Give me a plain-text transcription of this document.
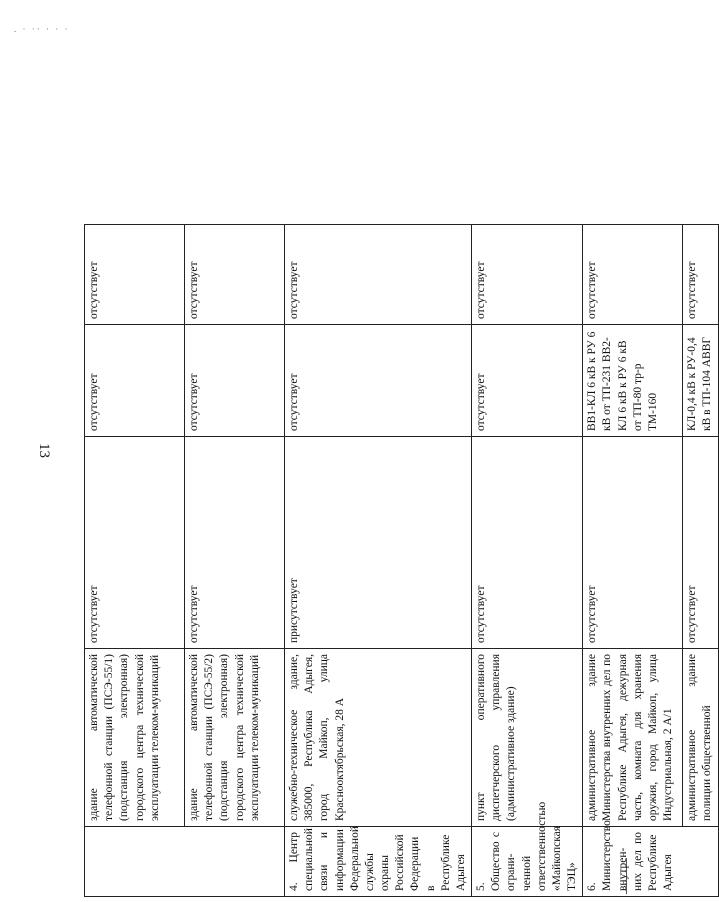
. · ·· · · ·
13
	здание автоматической телефонной станции (ПСЭ-55/1) (подстанция электронная) городского центра технической эксплуатации телеком-муникаций	отсутствует	отсутствует	отсутствует
	здание автоматической телефонной станции (ПСЭ-55/2) (подстанция электронная) городского центра технической эксплуатации телеком-муникаций	отсутствует	отсутствует	отсутствует
4. Центр специальной связи и информации Федеральной службы охраны Российской Федерации в Республике Адыгея	служебно-техническое здание, 385000, Республика Адыгея, город Майкоп, улица Краснооктябрьская, 28 А	присутствует	отсутствует	отсутствует
5. Общество с ограни-ченной ответственностью «Майкопская ТЭЦ»	пункт оперативного диспетчерского управления (административное здание)	отсутствует	отсутствует	отсутствует
6. Министерство внутрен-них дел по Республике Адыгея	административное здание Министерства внутренних дел по Республике Адыгея, дежурная часть, комната для хранения оружия, город Майкоп, улица Индустриальная, 2 А/1	отсутствует	ВВ1-КЛ 6 кВ к РУ 6 кВ от ТП-231 ВВ2-КЛ 6 кВ к РУ 6 кВ от ТП-80 тр-р ТМ-160	отсутствует
	административное здание полиции общественной	отсутствует	КЛ-0,4 кВ к РУ-0,4 кВ в ТП-104 АВВГ	отсутствует
